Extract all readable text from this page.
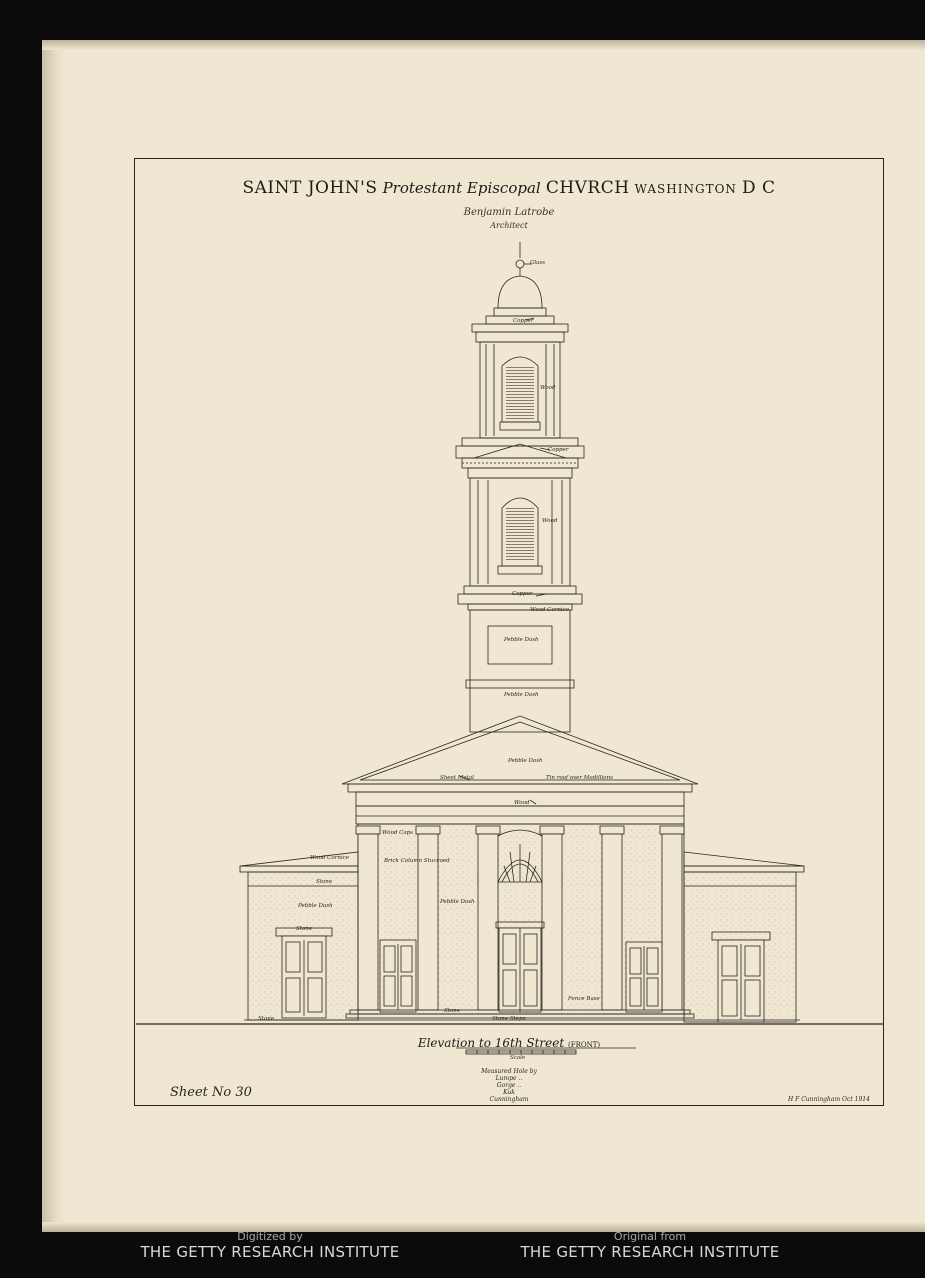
SAINT JOHN'S Protestant Episcopal CHVRCH WASHINGTON D C
Benjamin Latrobe
Architect
Glass
Copper
Wood
Copper
Wood
Copper
Wood Cornice
Pebble Dash
Pebble Dash
Pebble Dash
Sheet Metal	Tin roof over Modillions
Wood
Wood Caps
Brick Column Stuccoed
Wood Cornice
Stone
Pebble Dash
Pebble Dash
Stone
Stone
Stone Steps
Stone
Fence Base
Elevation to 16th Street (FRONT)
Scale
Measured Hole by
Lumpe ..
Gorge ..
Kuk
Cunningham
Sheet No 30	H F Cunningham Oct 1914
Digitized by
THE GETTY RESEARCH INSTITUTE
Original from
THE GETTY RESEARCH INSTITUTE
